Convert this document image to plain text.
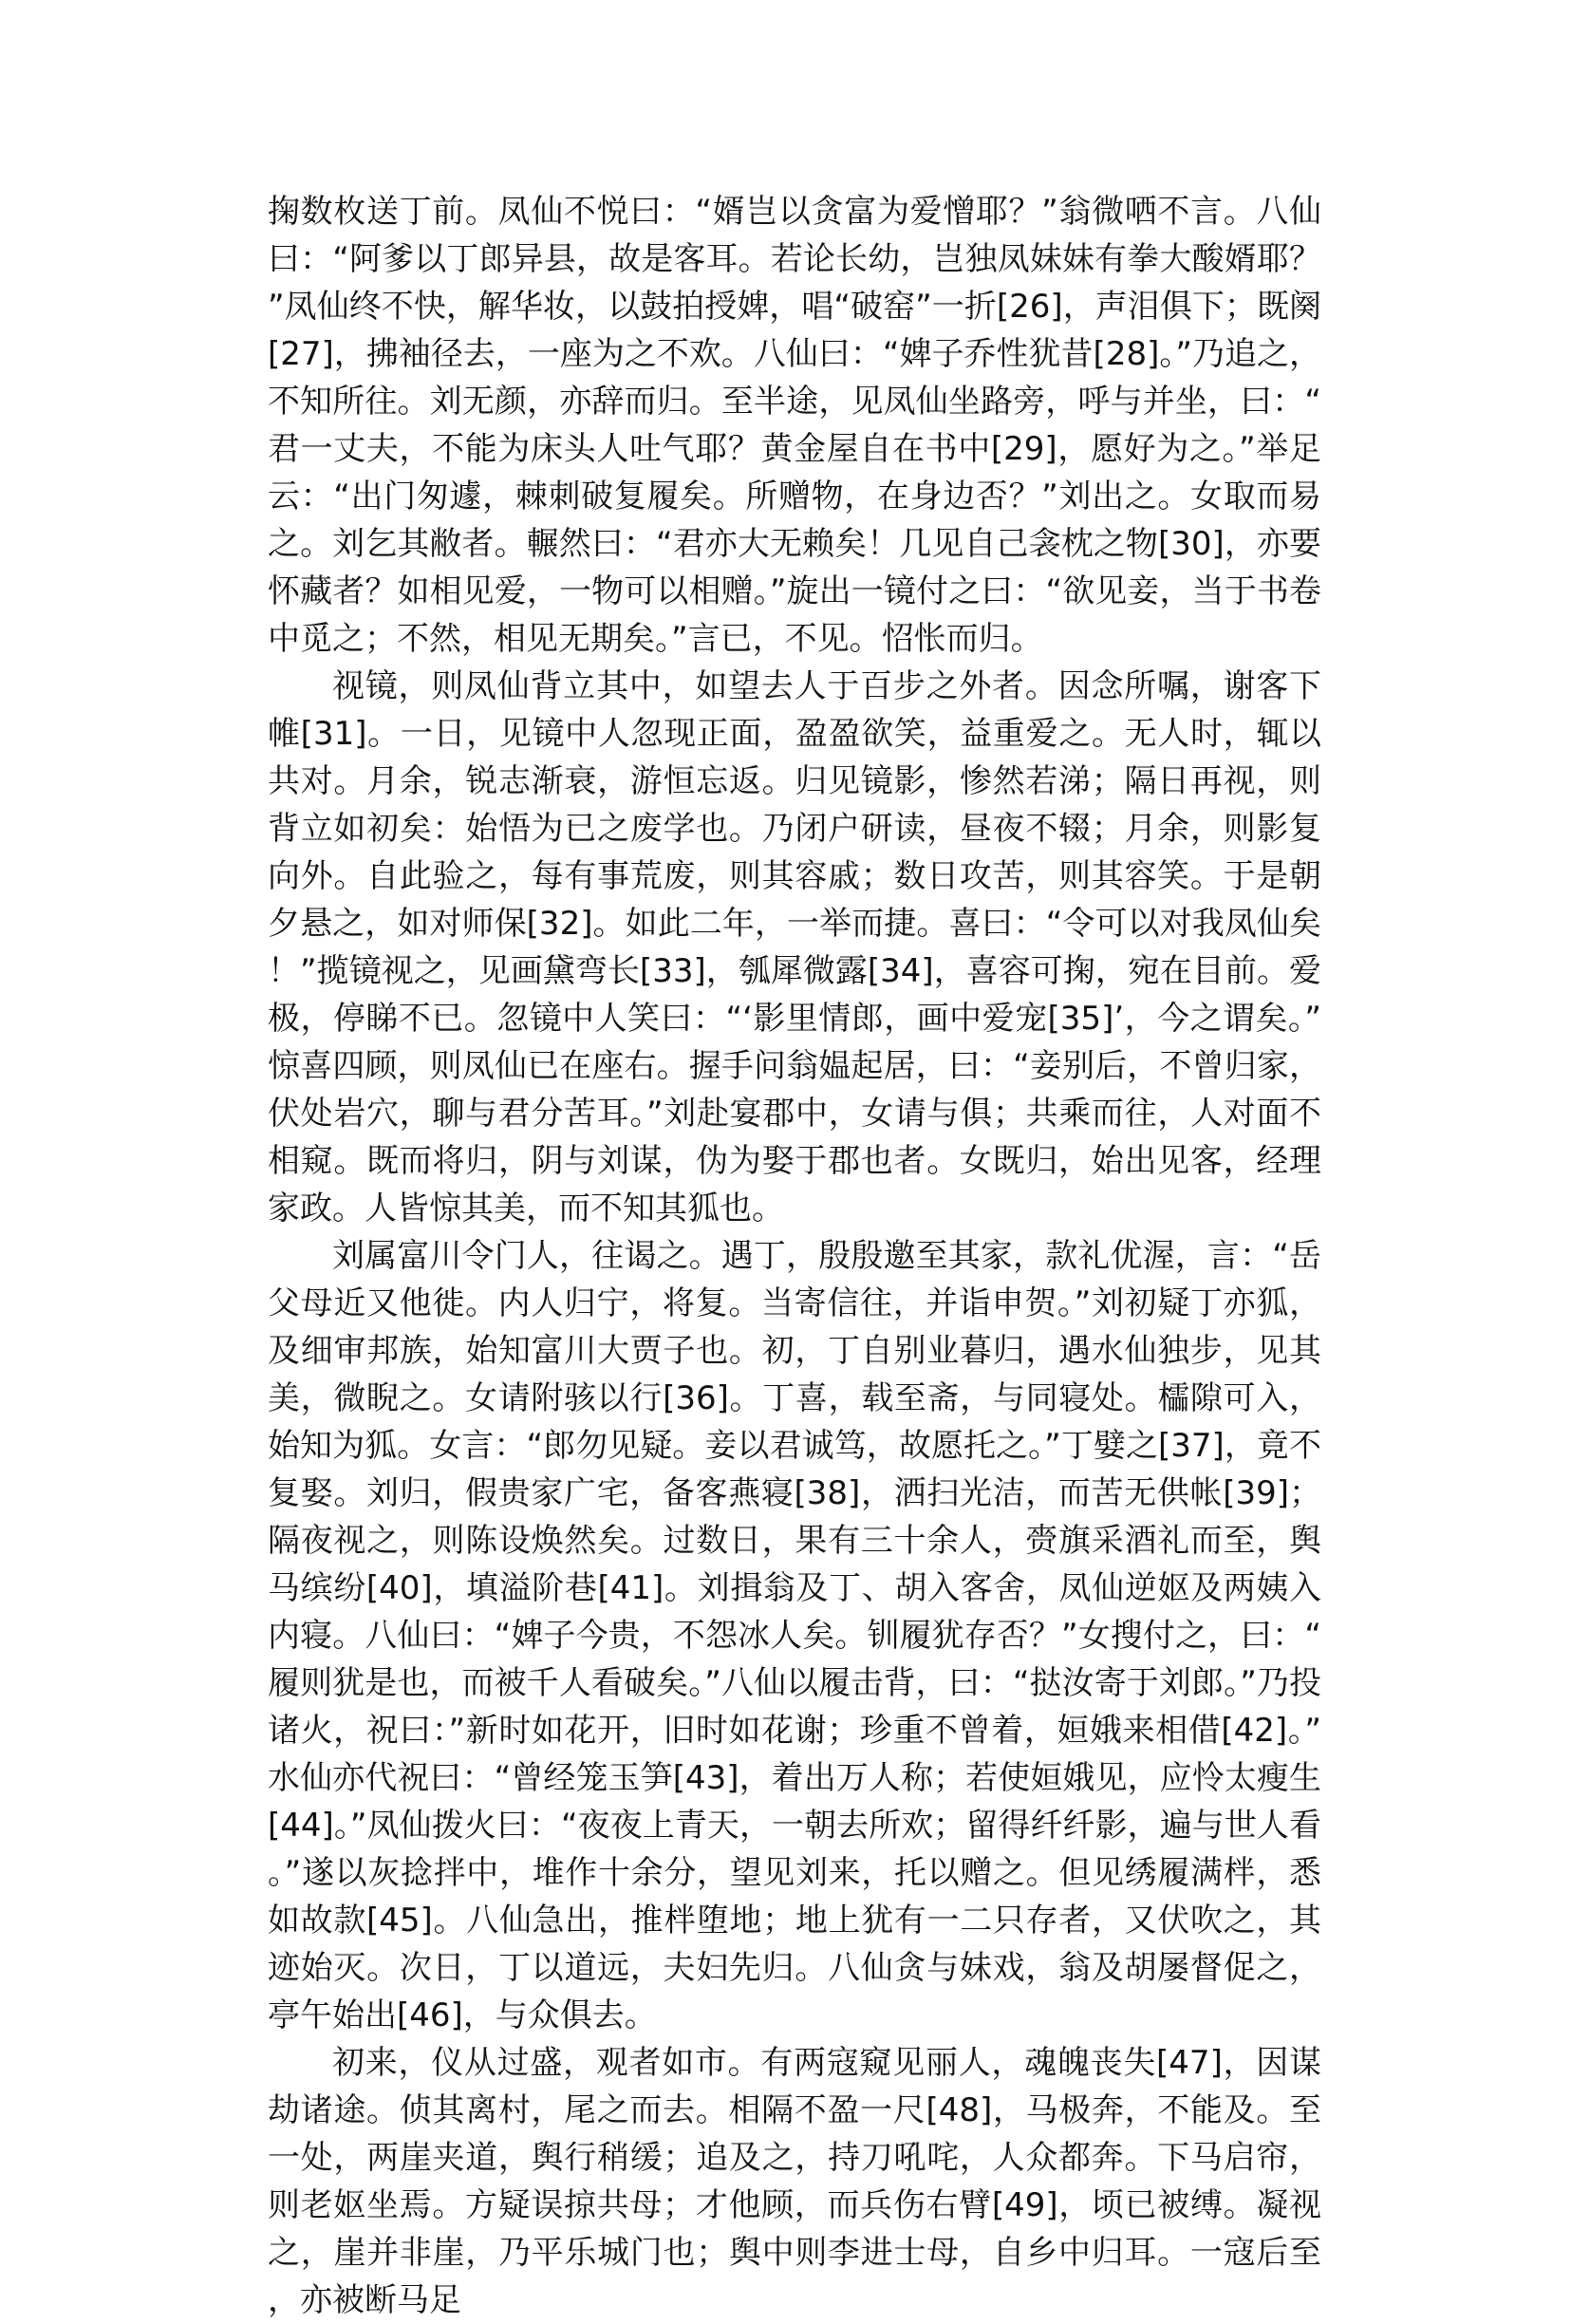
掬数枚送丁前。凤仙不悦曰：“婿岂以贪富为爱憎耶？”翁微哂不言。八仙曰：“阿爹以丁郎异县，故是客耳。若论长幼，岂独凤妹妹有拳大酸婿耶？”凤仙终不快，解华妆，以鼓拍授婢，唱“破窑”一折[26]，声泪俱下；既阕[27]，拂袖径去，一座为之不欢。八仙曰：“婢子乔性犹昔[28]。”乃追之，不知所往。刘无颜，亦辞而归。至半途，见凤仙坐路旁，呼与并坐，曰：“君一丈夫，不能为床头人吐气耶？黄金屋自在书中[29]，愿好为之。”举足云：“出门匆遽，棘刺破复履矣。所赠物，在身边否？”刘出之。女取而易之。刘乞其敝者。輾然曰：“君亦大无赖矣！几见自己衾枕之物[30]，亦要怀藏者？如相见爱，一物可以相赠。”旋出一镜付之曰：“欲见妾，当于书卷中觅之；不然，相见无期矣。”言已，不见。怊怅而归。

视镜，则凤仙背立其中，如望去人于百步之外者。因念所嘱，谢客下帷[31]。一日，见镜中人忽现正面，盈盈欲笑，益重爱之。无人时，辄以共对。月余，锐志渐衰，游恒忘返。归见镜影，惨然若涕；隔日再视，则背立如初矣：始悟为已之废学也。乃闭户研读，昼夜不辍；月余，则影复向外。自此验之，每有事荒废，则其容戚；数日攻苦，则其容笑。于是朝夕悬之，如对师保[32]。如此二年，一举而捷。喜曰：“令可以对我凤仙矣！”揽镜视之，见画黛弯长[33]，瓠犀微露[34]，喜容可掬，宛在目前。爱极，停睇不已。忽镜中人笑曰：“‘影里情郎，画中爱宠[35]’，今之谓矣。”惊喜四顾，则凤仙已在座右。握手问翁媪起居，曰：“妾别后，不曾归家，伏处岩穴，聊与君分苦耳。”刘赴宴郡中，女请与俱；共乘而往，人对面不相窥。既而将归，阴与刘谋，伪为娶于郡也者。女既归，始出见客，经理家政。人皆惊其美，而不知其狐也。

刘属富川令门人，往谒之。遇丁，殷殷邀至其家，款礼优渥，言：“岳父母近又他徙。内人归宁，将复。当寄信往，并诣申贺。”刘初疑丁亦狐，及细审邦族，始知富川大贾子也。初，丁自别业暮归，遇水仙独步，见其美，微睨之。女请附骇以行[36]。丁喜，载至斋，与同寝处。櫺隙可入，始知为狐。女言：“郎勿见疑。妾以君诚笃，故愿托之。”丁嬖之[37]，竟不复娶。刘归，假贵家广宅，备客燕寝[38]，洒扫光洁，而苦无供帐[39]；隔夜视之，则陈设焕然矣。过数日，果有三十余人，赍旗采酒礼而至，舆马缤纷[40]，填溢阶巷[41]。刘揖翁及丁、胡入客舍，凤仙逆妪及两姨入内寝。八仙曰：“婢子今贵，不怨冰人矣。钏履犹存否？”女搜付之，曰：“履则犹是也，而被千人看破矣。”八仙以履击背，曰：“挞汝寄于刘郎。”乃投诸火，祝曰：”新时如花开，旧时如花谢；珍重不曾着，姮娥来相借[42]。”水仙亦代祝曰：“曾经笼玉笋[43]，着出万人称；若使姮娥见，应怜太瘦生[44]。”凤仙拨火曰：“夜夜上青天，一朝去所欢；留得纤纤影，遍与世人看。”遂以灰捻拌中，堆作十余分，望见刘来，托以赠之。但见绣履满柈，悉如故款[45]。八仙急出，推柈堕地；地上犹有一二只存者，又伏吹之，其迹始灭。次日，丁以道远，夫妇先归。八仙贪与妹戏，翁及胡屡督促之，亭午始出[46]，与众俱去。

初来，仪从过盛，观者如市。有两寇窥见丽人，魂魄丧失[47]，因谋劫诸途。侦其离村，尾之而去。相隔不盈一尺[48]，马极奔，不能及。至一处，两崖夹道，舆行稍缓；追及之，持刀吼咤，人众都奔。下马启帘，则老妪坐焉。方疑误掠共母；才他顾，而兵伤右臂[49]，顷已被缚。凝视之，崖并非崖，乃平乐城门也；舆中则李进士母，自乡中归耳。一寇后至，亦被断马足
